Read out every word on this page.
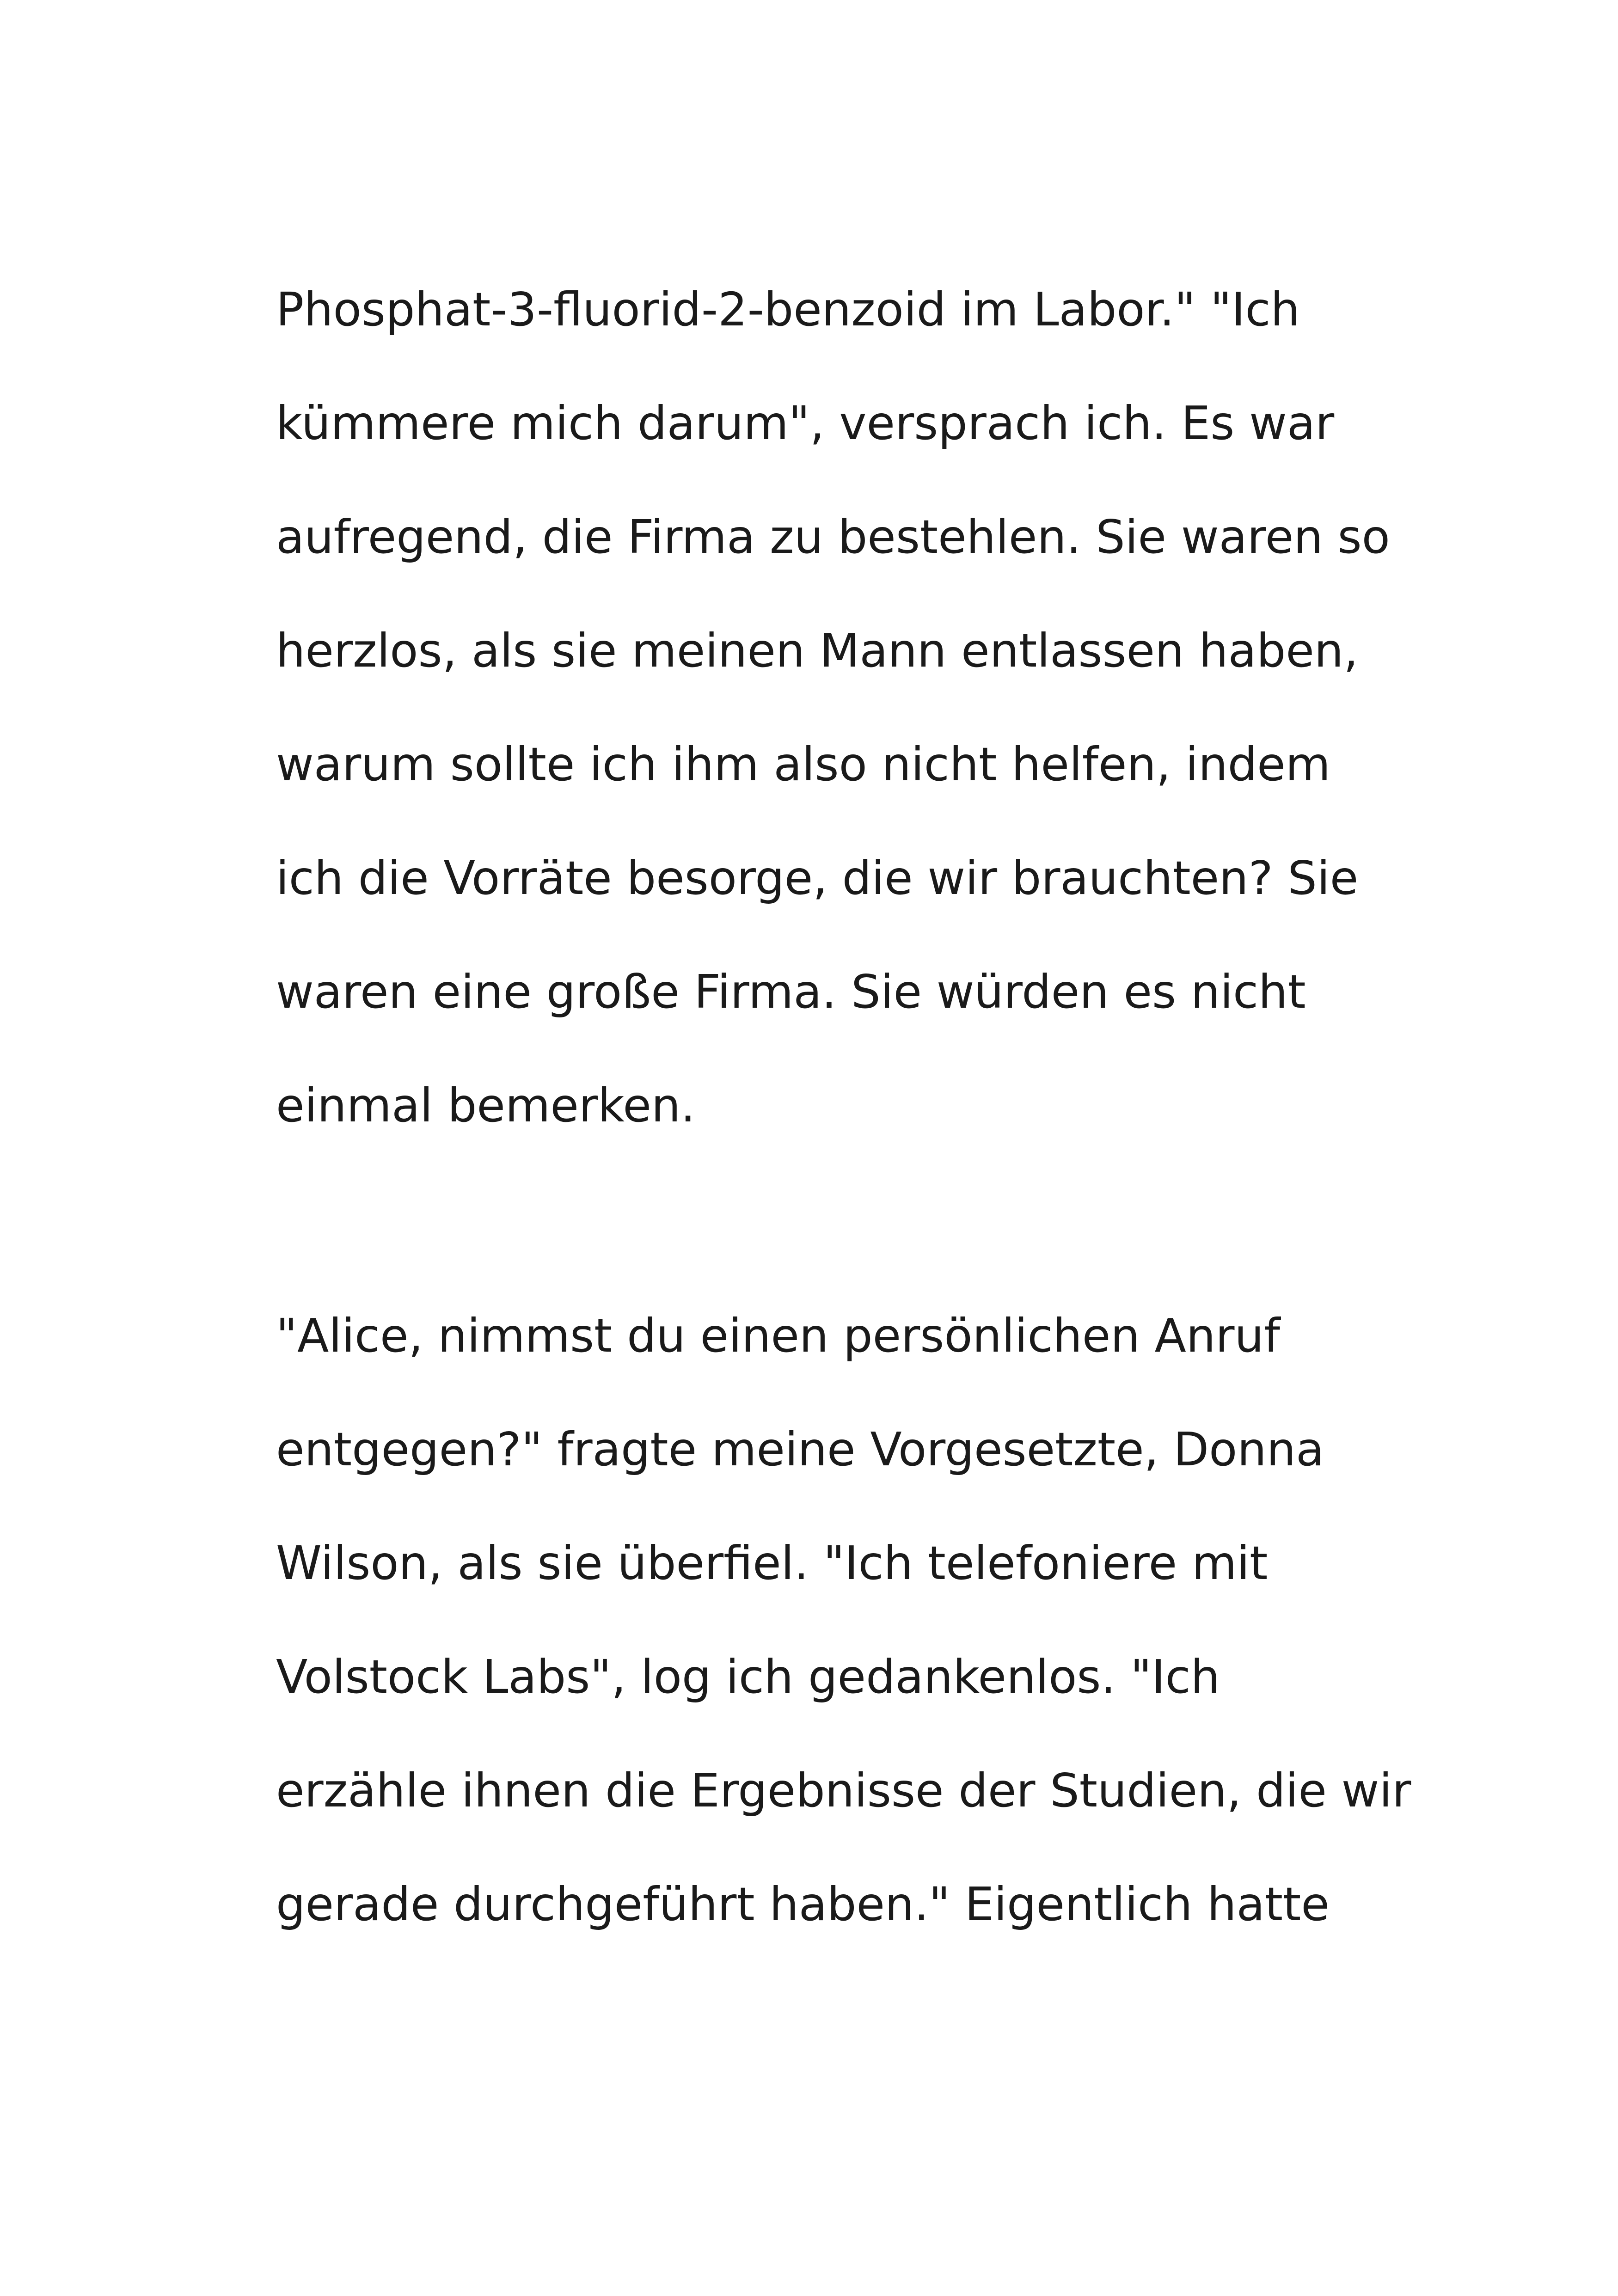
Phosphat-3-fluorid-2-benzoid im Labor." "Ich
kümmere mich darum", versprach ich. Es war
aufregend, die Firma zu bestehlen. Sie waren so
herzlos, als sie meinen Mann entlassen haben,
warum sollte ich ihm also nicht helfen, indem
ich die Vorräte besorge, die wir brauchten? Sie
waren eine große Firma. Sie würden es nicht
einmal bemerken.
"Alice, nimmst du einen persönlichen Anruf
entgegen?" fragte meine Vorgesetzte, Donna
Wilson, als sie überfiel. "Ich telefoniere mit
Volstock Labs", log ich gedankenlos. "Ich
erzähle ihnen die Ergebnisse der Studien, die wir
gerade durchgeführt haben." Eigentlich hatte
